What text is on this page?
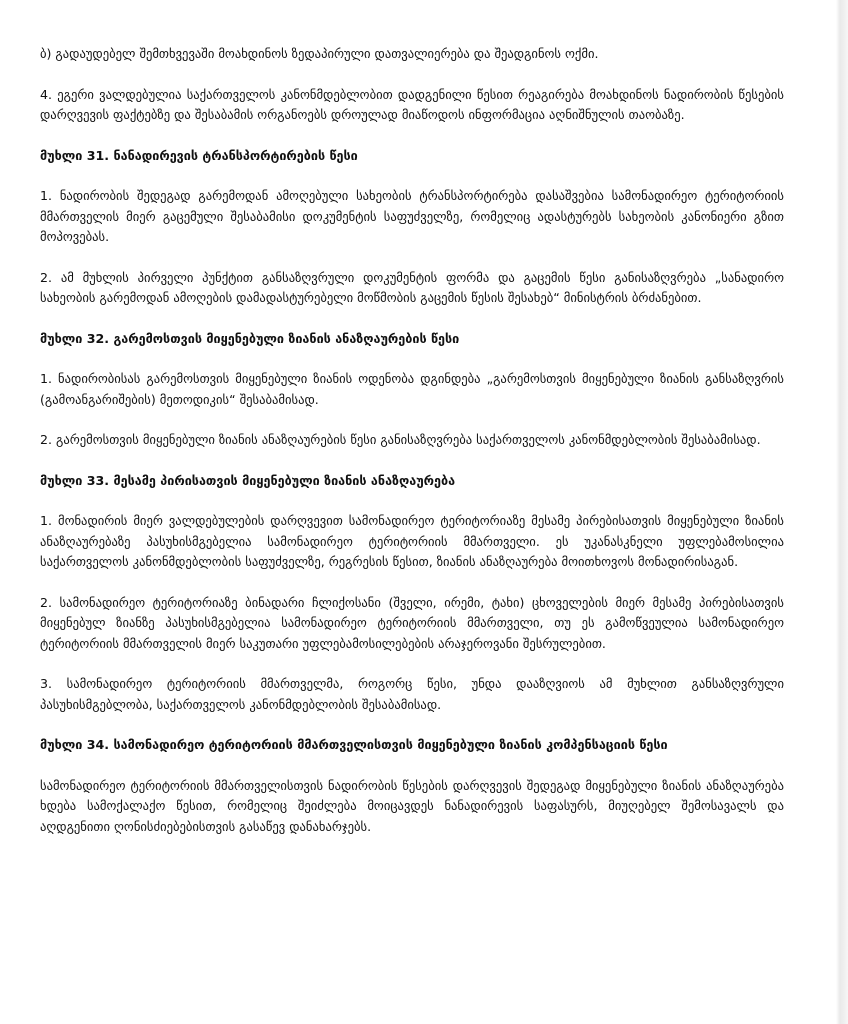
ბ) გადაუდებელ შემთხვევაში მოახდინოს ზედაპირული დათვალიერება და შეადგინოს ოქმი.

4. ეგერი ვალდებულია საქართველოს კანონმდებლობით დადგენილი წესით რეაგირება მოახდინოს ნადირობის წესების დარღვევის ფაქტებზე და შესაბამის ორგანოებს დროულად მიაწოდოს ინფორმაცია აღნიშნულის თაობაზე.

მუხლი 31. ნანადირევის ტრანსპორტირების წესი

1. ნადირობის შედეგად გარემოდან ამოღებული სახეობის ტრანსპორტირება დასაშვებია სამონადირეო ტერიტორიის მმართველის მიერ გაცემული შესაბამისი დოკუმენტის საფუძველზე, რომელიც ადასტურებს სახეობის კანონიერი გზით მოპოვებას.

2. ამ მუხლის პირველი პუნქტით განსაზღვრული დოკუმენტის ფორმა და გაცემის წესი განისაზღვრება „სანადირო სახეობის გარემოდან ამოღების დამადასტურებელი მოწმობის გაცემის წესის შესახებ“ მინისტრის ბრძანებით.

მუხლი 32. გარემოსთვის მიყენებული ზიანის ანაზღაურების წესი

1. ნადირობისას გარემოსთვის მიყენებული ზიანის ოდენობა დგინდება „გარემოსთვის მიყენებული ზიანის განსაზღვრის (გამოანგარიშების) მეთოდიკის“ შესაბამისად.

2. გარემოსთვის მიყენებული ზიანის ანაზღაურების წესი განისაზღვრება საქართველოს კანონმდებლობის შესაბამისად.

მუხლი 33. მესამე პირისათვის მიყენებული ზიანის ანაზღაურება

1. მონადირის მიერ ვალდებულების დარღვევით სამონადირეო ტერიტორიაზე მესამე პირებისათვის მიყენებული ზიანის ანაზღაურებაზე პასუხისმგებელია სამონადირეო ტერიტორიის მმართველი. ეს უკანასკნელი უფლებამოსილია საქართველოს კანონმდებლობის საფუძველზე, რეგრესის წესით, ზიანის ანაზღაურება მოითხოვოს მონადირისაგან.

2. სამონადირეო ტერიტორიაზე ბინადარი ჩლიქოსანი (შველი, ირემი, ტახი) ცხოველების მიერ მესამე პირებისათვის მიყენებულ ზიანზე პასუხისმგებელია სამონადირეო ტერიტორიის მმართველი, თუ ეს გამოწვეულია სამონადირეო ტერიტორიის მმართველის მიერ საკუთარი უფლებამოსილებების არაჯეროვანი შესრულებით.

3. სამონადირეო ტერიტორიის მმართველმა, როგორც წესი, უნდა დააზღვიოს ამ მუხლით განსაზღვრული პასუხისმგებლობა, საქართველოს კანონმდებლობის შესაბამისად.

მუხლი 34. სამონადირეო ტერიტორიის მმართველისთვის მიყენებული ზიანის კომპენსაციის წესი

სამონადირეო ტერიტორიის მმართველისთვის ნადირობის წესების დარღვევის შედეგად მიყენებული ზიანის ანაზღაურება ხდება სამოქალაქო წესით, რომელიც შეიძლება მოიცავდეს ნანადირევის საფასურს, მიუღებელ შემოსავალს და აღდგენითი ღონისძიებებისთვის გასაწევ დანახარჯებს.
